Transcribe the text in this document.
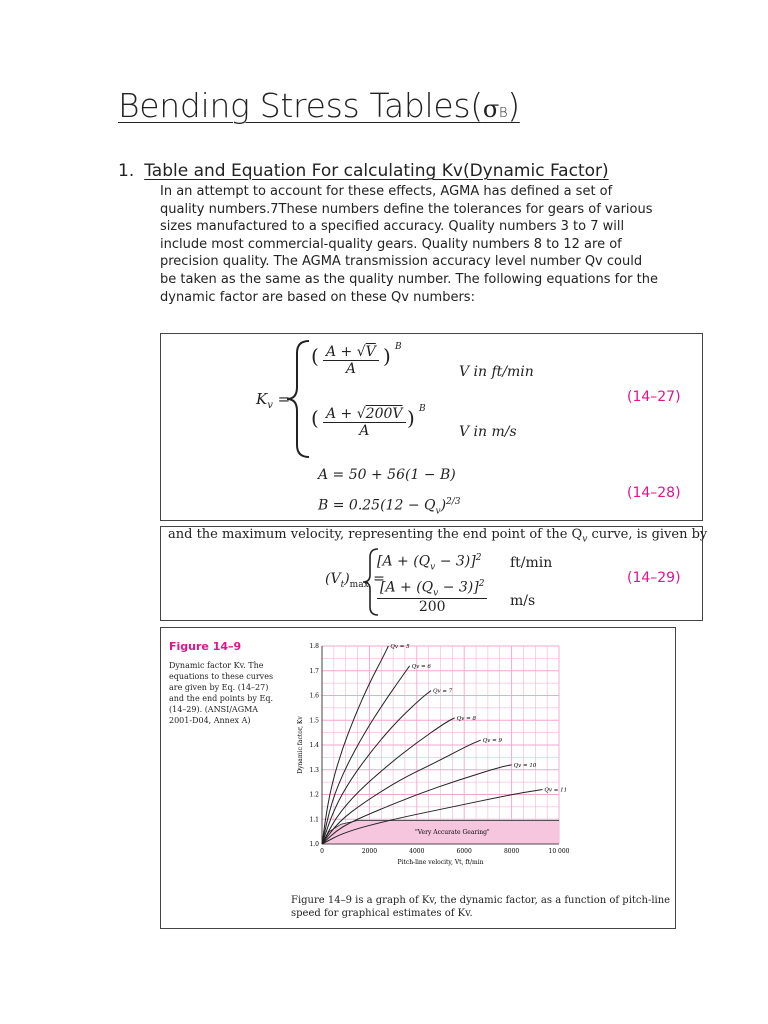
Bending Stress Tables(σB)
1. Table and Equation For calculating Kv(Dynamic Factor)

In an attempt to account for these effects, AGMA has defined a set of quality numbers.7These numbers define the tolerances for gears of various sizes manufactured to a specified accuracy. Quality numbers 3 to 7 will include most commercial-quality gears. Quality numbers 8 to 12 are of precision quality. The AGMA transmission accuracy level number Qv could be taken as the same as the quality number. The following equations for the dynamic factor are based on these Qv numbers:

$K_v$ =
( $\frac{A + √V}{A}$ ) B
V in ft/min
(14–27)
( $\frac{A + √200V}{A}$ ) B
V in m/s
A = 50 + 56(1 − B)
$B = 0.25(12 - Q_v)^{2/3}$
(14–28)
and the maximum velocity, representing the end point of the $Q_v$ curve, is given by
$(V_t)_{max}$ =
$[A + (Q_v - 3)]^2$ ft/min
$\frac{[A + (Q_v - 3)]^2}{200} m/s$
(14–29)
Figure 14–9
Dynamic factor Kv. The equations to these curves are given by Eq. (14–27) and the end points by Eq. (14–29). (ANSI/AGMA 2001-D04, Annex A)
"Very Accurate Gearing"
Qv = 5
Qv = 6
Qv = 7
Qv = 8
Qv = 9
Qv = 10
Qv = 11
0	2000	4000	6000	8000	10 000
1.0
1.1
1.2
1.3
1.4
1.5
1.6
1.7
1.8
Pitch-line velocity, Vt, ft/min
Dynamic factor, Kv
Figure 14–9 is a graph of Kv, the dynamic factor, as a function of pitch-line speed for graphical estimates of Kv.
